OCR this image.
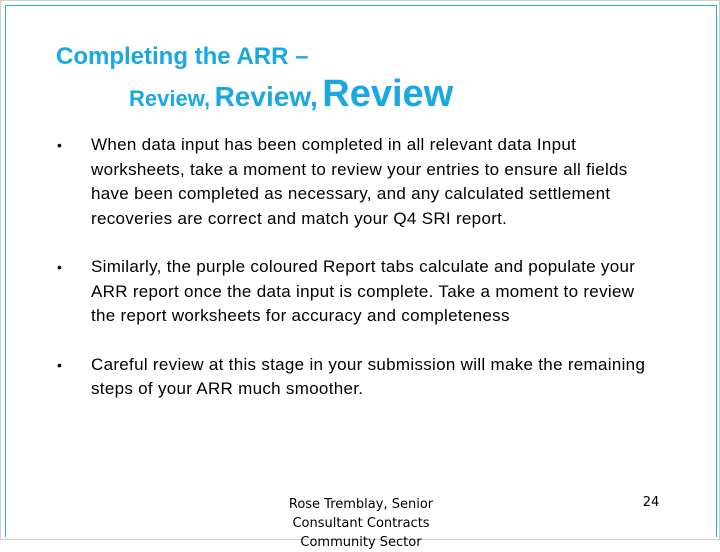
Completing the ARR –
Review, Review, Review
•	When data input has been completed in all relevant data Input worksheets, take a moment to review your entries to ensure all fields have been completed as necessary, and any calculated settlement recoveries are correct and match your Q4 SRI report.
•	Similarly, the purple coloured Report tabs calculate and populate your ARR report once the data input is complete. Take a moment to review the report worksheets for accuracy and completeness
•	Careful review at this stage in your submission will make the remaining steps of your ARR much smoother.
Rose Tremblay, Senior
Consultant Contracts
Community Sector
24
